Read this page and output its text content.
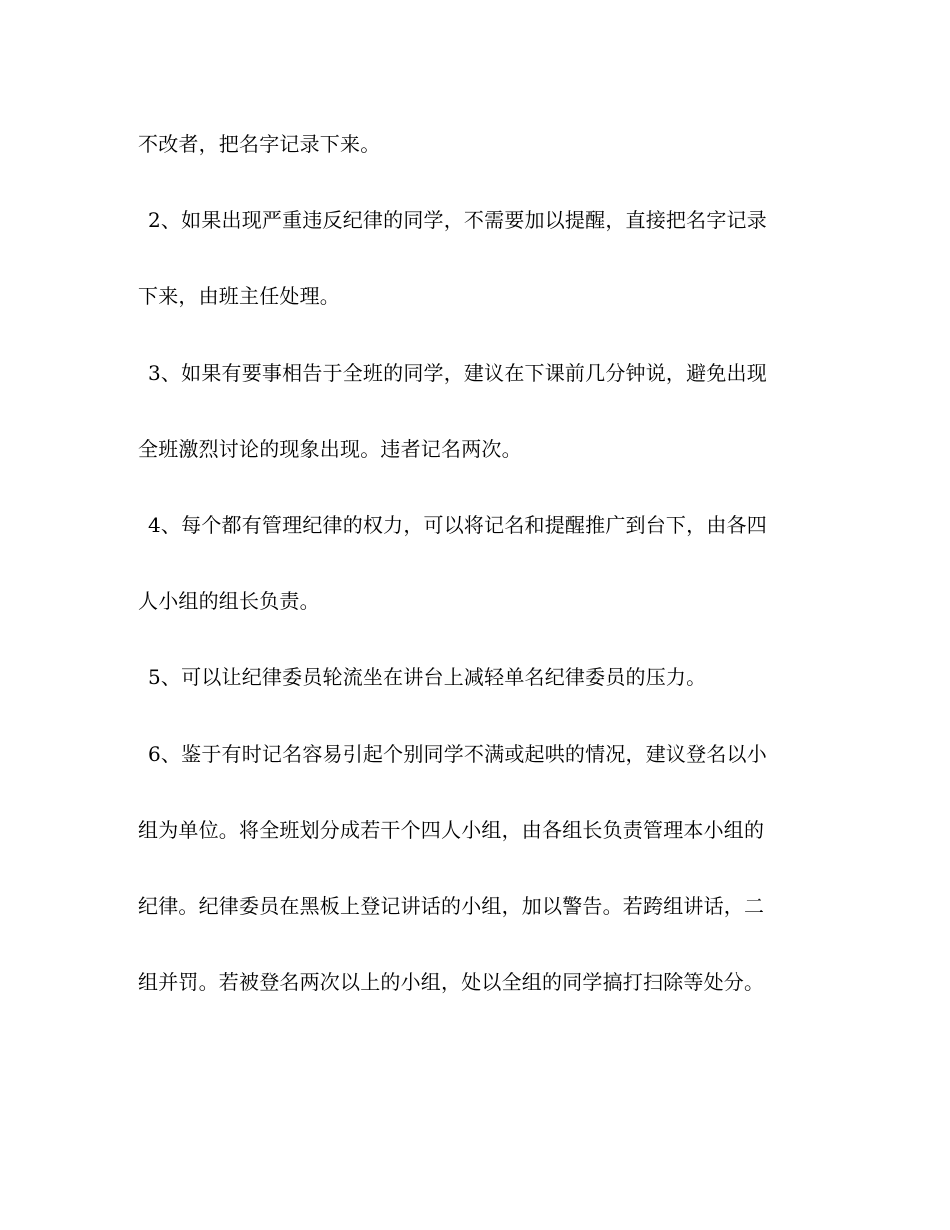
不改者，把名字记录下来。
2、如果出现严重违反纪律的同学，不需要加以提醒，直接把名字记录
下来，由班主任处理。
3、如果有要事相告于全班的同学，建议在下课前几分钟说，避免出现
全班激烈讨论的现象出现。违者记名两次。
4、每个都有管理纪律的权力，可以将记名和提醒推广到台下，由各四
人小组的组长负责。
5、可以让纪律委员轮流坐在讲台上减轻单名纪律委员的压力。
6、鉴于有时记名容易引起个别同学不满或起哄的情况，建议登名以小
组为单位。将全班划分成若干个四人小组，由各组长负责管理本小组的
纪律。纪律委员在黑板上登记讲话的小组，加以警告。若跨组讲话，二
组并罚。若被登名两次以上的小组，处以全组的同学搞打扫除等处分。
